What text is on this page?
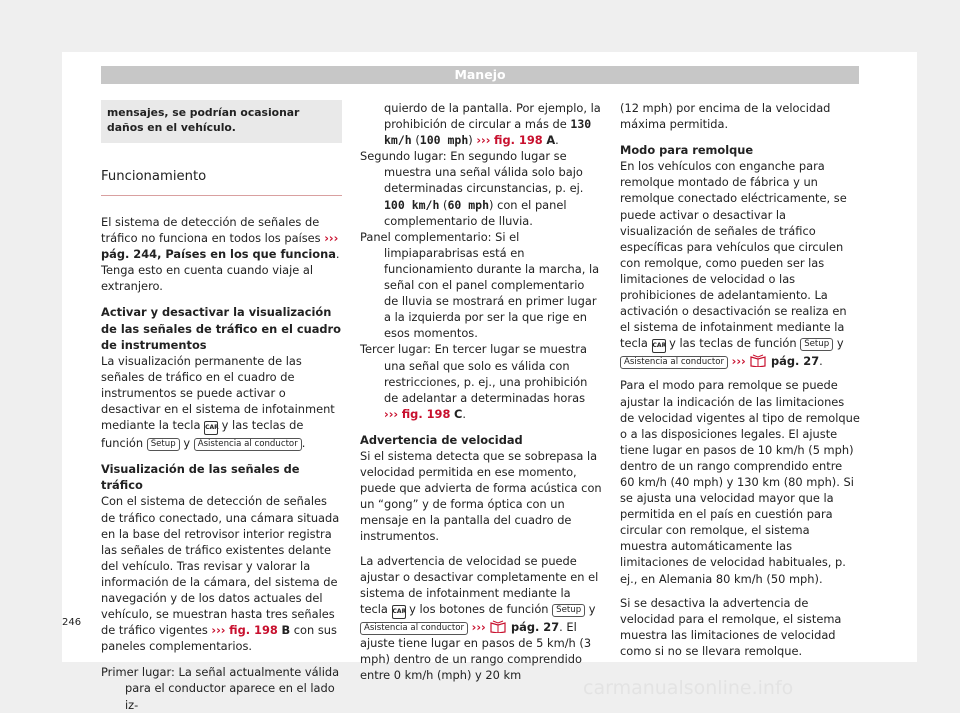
Manejo
mensajes, se podrían ocasionar daños en el vehículo.
Funcionamiento

El sistema de detección de señales de tráfico no funciona en todos los países ››› pág. 244, Países en los que funciona. Tenga esto en cuenta cuando viaje al extranjero.

Activar y desactivar la visualización de las señales de tráfico en el cuadro de instrumentos

La visualización permanente de las señales de tráfico en el cuadro de instrumentos se puede activar o desactivar en el sistema de infotainment mediante la tecla CAR y las teclas de función Setup y Asistencia al conductor .

Visualización de las señales de tráfico

Con el sistema de detección de señales de tráfico conectado, una cámara situada en la base del retrovisor interior registra las señales de tráfico existentes delante del vehículo. Tras revisar y valorar la información de la cámara, del sistema de navegación y de los datos actuales del vehículo, se muestran hasta tres señales de tráfico vigentes ››› fig. 198 B con sus paneles complementarios.

Primer lugar: La señal actualmente válida para el conductor aparece en el lado iz-

quierdo de la pantalla. Por ejemplo, la prohibición de circular a más de 130 km/h (100 mph) ››› fig. 198 A.

Segundo lugar: En segundo lugar se muestra una señal válida solo bajo determinadas circunstancias, p. ej. 100 km/h (60 mph) con el panel complementario de lluvia.

Panel complementario: Si el limpiaparabrisas está en funcionamiento durante la marcha, la señal con el panel complementario de lluvia se mostrará en primer lugar a la izquierda por ser la que rige en esos momentos.

Tercer lugar: En tercer lugar se muestra una señal que solo es válida con restricciones, p. ej., una prohibición de adelantar a determinadas horas ››› fig. 198 C.

Advertencia de velocidad

Si el sistema detecta que se sobrepasa la velocidad permitida en ese momento, puede que advierta de forma acústica con un “gong” y de forma óptica con un mensaje en la pantalla del cuadro de instrumentos.

La advertencia de velocidad se puede ajustar o desactivar completamente en el sistema de infotainment mediante la tecla CAR y los botones de función Setup y Asistencia al conductor ››› pág. 27. El ajuste tiene lugar en pasos de 5 km/h (3 mph) dentro de un rango comprendido entre 0 km/h (mph) y 20 km

(12 mph) por encima de la velocidad máxima permitida.

Modo para remolque

En los vehículos con enganche para remolque montado de fábrica y un remolque conectado eléctricamente, se puede activar o desactivar la visualización de señales de tráfico específicas para vehículos que circulen con remolque, como pueden ser las limitaciones de velocidad o las prohibiciones de adelantamiento. La activación o desactivación se realiza en el sistema de infotainment mediante la tecla CAR y las teclas de función Setup y Asistencia al conductor ››› pág. 27.

Para el modo para remolque se puede ajustar la indicación de las limitaciones de velocidad vigentes al tipo de remolque o a las disposiciones legales. El ajuste tiene lugar en pasos de 10 km/h (5 mph) dentro de un rango comprendido entre 60 km/h (40 mph) y 130 km (80 mph). Si se ajusta una velocidad mayor que la permitida en el país en cuestión para circular con remolque, el sistema muestra automáticamente las limitaciones de velocidad habituales, p. ej., en Alemania 80 km/h (50 mph).

Si se desactiva la advertencia de velocidad para el remolque, el sistema muestra las limitaciones de velocidad como si no se llevara remolque.

246
carmanualsonline.info
